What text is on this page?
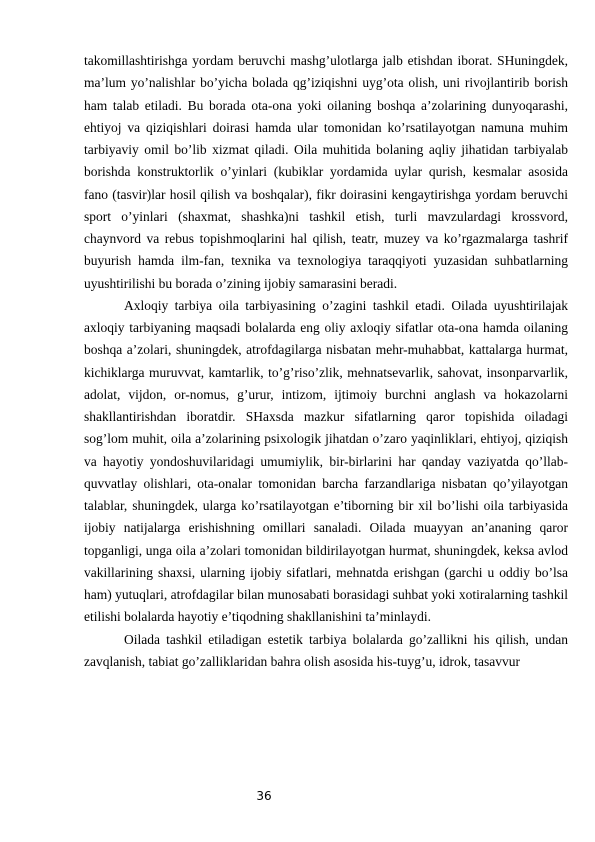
takomillashtirishga yordam beruvchi mashg’ulotlarga jalb etishdan iborat. SHuningdek, ma’lum yo’nalishlar bo’yicha bolada qg’iziqishni uyg’ota olish, uni rivojlantirib borish ham talab etiladi. Bu borada ota-ona yoki oilaning boshqa a’zolarining dunyoqarashi, ehtiyoj va qiziqishlari doirasi hamda ular tomonidan ko’rsatilayotgan namuna muhim tarbiyaviy omil bo’lib xizmat qiladi. Oila muhitida bolaning aqliy jihatidan tarbiyalab borishda konstruktorlik o’yinlari (kubiklar yordamida uylar qurish, kesmalar asosida fano (tasvir)lar hosil qilish va boshqalar), fikr doirasini kengaytirishga yordam beruvchi sport o’yinlari (shaxmat, shashka)ni tashkil etish, turli mavzulardagi krossvord, chaynvord va rebus topishmoqlarini hal qilish, teatr, muzey va ko’rgazmalarga tashrif buyurish hamda ilm-fan, texnika va texnologiya taraqqiyoti yuzasidan suhbatlarning uyushtirilishi bu borada o’zining ijobiy samarasini beradi.

Axloqiy tarbiya oila tarbiyasining o’zagini tashkil etadi. Oilada uyushtirilajak axloqiy tarbiyaning maqsadi bolalarda eng oliy axloqiy sifatlar ota-ona hamda oilaning boshqa a’zolari, shuningdek, atrofdagilarga nisbatan mehr-muhabbat, kattalarga hurmat, kichiklarga muruvvat, kamtarlik, to’g’riso’zlik, mehnatsevarlik, sahovat, insonparvarlik, adolat, vijdon, or-nomus, g’urur, intizom, ijtimoiy burchni anglash va hokazolarni shakllantirishdan iboratdir. SHaxsda mazkur sifatlarning qaror topishida oiladagi sog’lom muhit, oila a’zolarining psixologik jihatdan o’zaro yaqinliklari, ehtiyoj, qiziqish va hayotiy yondoshuvilaridagi umumiylik, bir-birlarini har qanday vaziyatda qo’llab-quvvatlay olishlari, ota-onalar tomonidan barcha farzandlariga nisbatan qo’yilayotgan talablar, shuningdek, ularga ko’rsatilayotgan e’tiborning bir xil bo’lishi oila tarbiyasida ijobiy natijalarga erishishning omillari sanaladi. Oilada muayyan an’ananing qaror topganligi, unga oila a’zolari tomonidan bildirilayotgan hurmat, shuningdek, keksa avlod vakillarining shaxsi, ularning ijobiy sifatlari, mehnatda erishgan (garchi u oddiy bo’lsa ham) yutuqlari, atrofdagilar bilan munosabati borasidagi suhbat yoki xotiralarning tashkil etilishi bolalarda hayotiy e’tiqodning shakllanishini ta’minlaydi.

Oilada tashkil etiladigan estetik tarbiya bolalarda go’zallikni his qilish, undan zavqlanish, tabiat go’zalliklaridan bahra olish asosida his-tuyg’u, idrok, tasavvur

36
